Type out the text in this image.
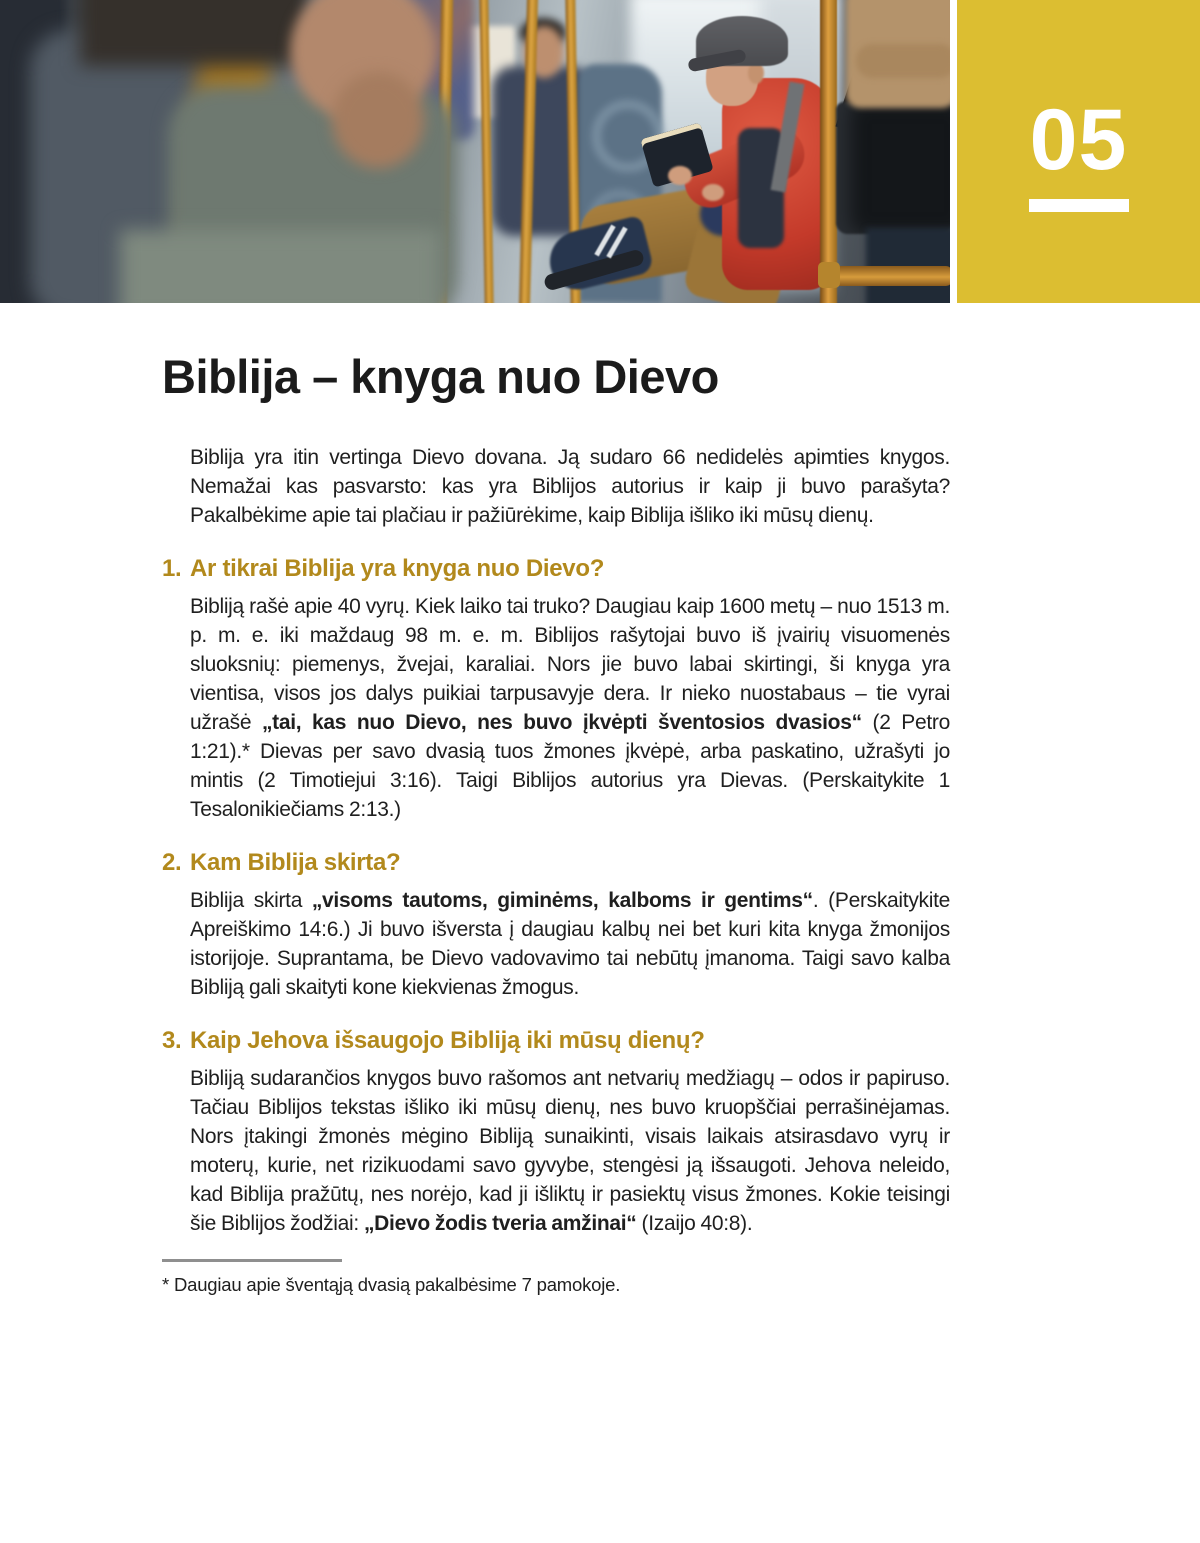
05
Biblija – knyga nuo Dievo

Biblija yra itin vertinga Dievo dovana. Ją sudaro 66 nedidelės apimties knygos. Nemažai kas pasvarsto: kas yra Biblijos autorius ir kaip ji buvo parašyta? Pakalbėkime apie tai plačiau ir pažiūrėkime, kaip Biblija išliko iki mūsų dienų.

1. Ar tikrai Biblija yra knyga nuo Dievo?

Bibliją rašė apie 40 vyrų. Kiek laiko tai truko? Daugiau kaip 1600 metų – nuo 1513 m. p. m. e. iki maždaug 98 m. e. m. Biblijos rašytojai buvo iš įvairių visuomenės sluoksnių: piemenys, žvejai, karaliai. Nors jie buvo labai skirtingi, ši knyga yra vientisa, visos jos dalys puikiai tarpusavyje dera. Ir nieko nuostabaus – tie vyrai užrašė „tai, kas nuo Dievo, nes buvo įkvėpti šventosios dvasios“ (2 Petro 1:21).* Dievas per savo dvasią tuos žmones įkvėpė, arba paskatino, užrašyti jo mintis (2 Timotiejui 3:16). Taigi Biblijos autorius yra Dievas. (Perskaitykite 1 Tesalonikiečiams 2:13.)

2. Kam Biblija skirta?

Biblija skirta „visoms tautoms, giminėms, kalboms ir gentims“. (Perskaitykite Apreiškimo 14:6.) Ji buvo išversta į daugiau kalbų nei bet kuri kita knyga žmonijos istorijoje. Suprantama, be Dievo vadovavimo tai nebūtų įmanoma. Taigi savo kalba Bibliją gali skaityti kone kiekvienas žmogus.

3. Kaip Jehova išsaugojo Bibliją iki mūsų dienų?

Bibliją sudarančios knygos buvo rašomos ant netvarių medžiagų – odos ir papiruso. Tačiau Biblijos tekstas išliko iki mūsų dienų, nes buvo kruopščiai perrašinėjamas. Nors įtakingi žmonės mėgino Bibliją sunaikinti, visais laikais atsirasdavo vyrų ir moterų, kurie, net rizikuodami savo gyvybe, stengėsi ją išsaugoti. Jehova neleido, kad Biblija pražūtų, nes norėjo, kad ji išliktų ir pasiektų visus žmones. Kokie teisingi šie Biblijos žodžiai: „Dievo žodis tveria amžinai“ (Izaijo 40:8).

* Daugiau apie šventąją dvasią pakalbėsime 7 pamokoje.
